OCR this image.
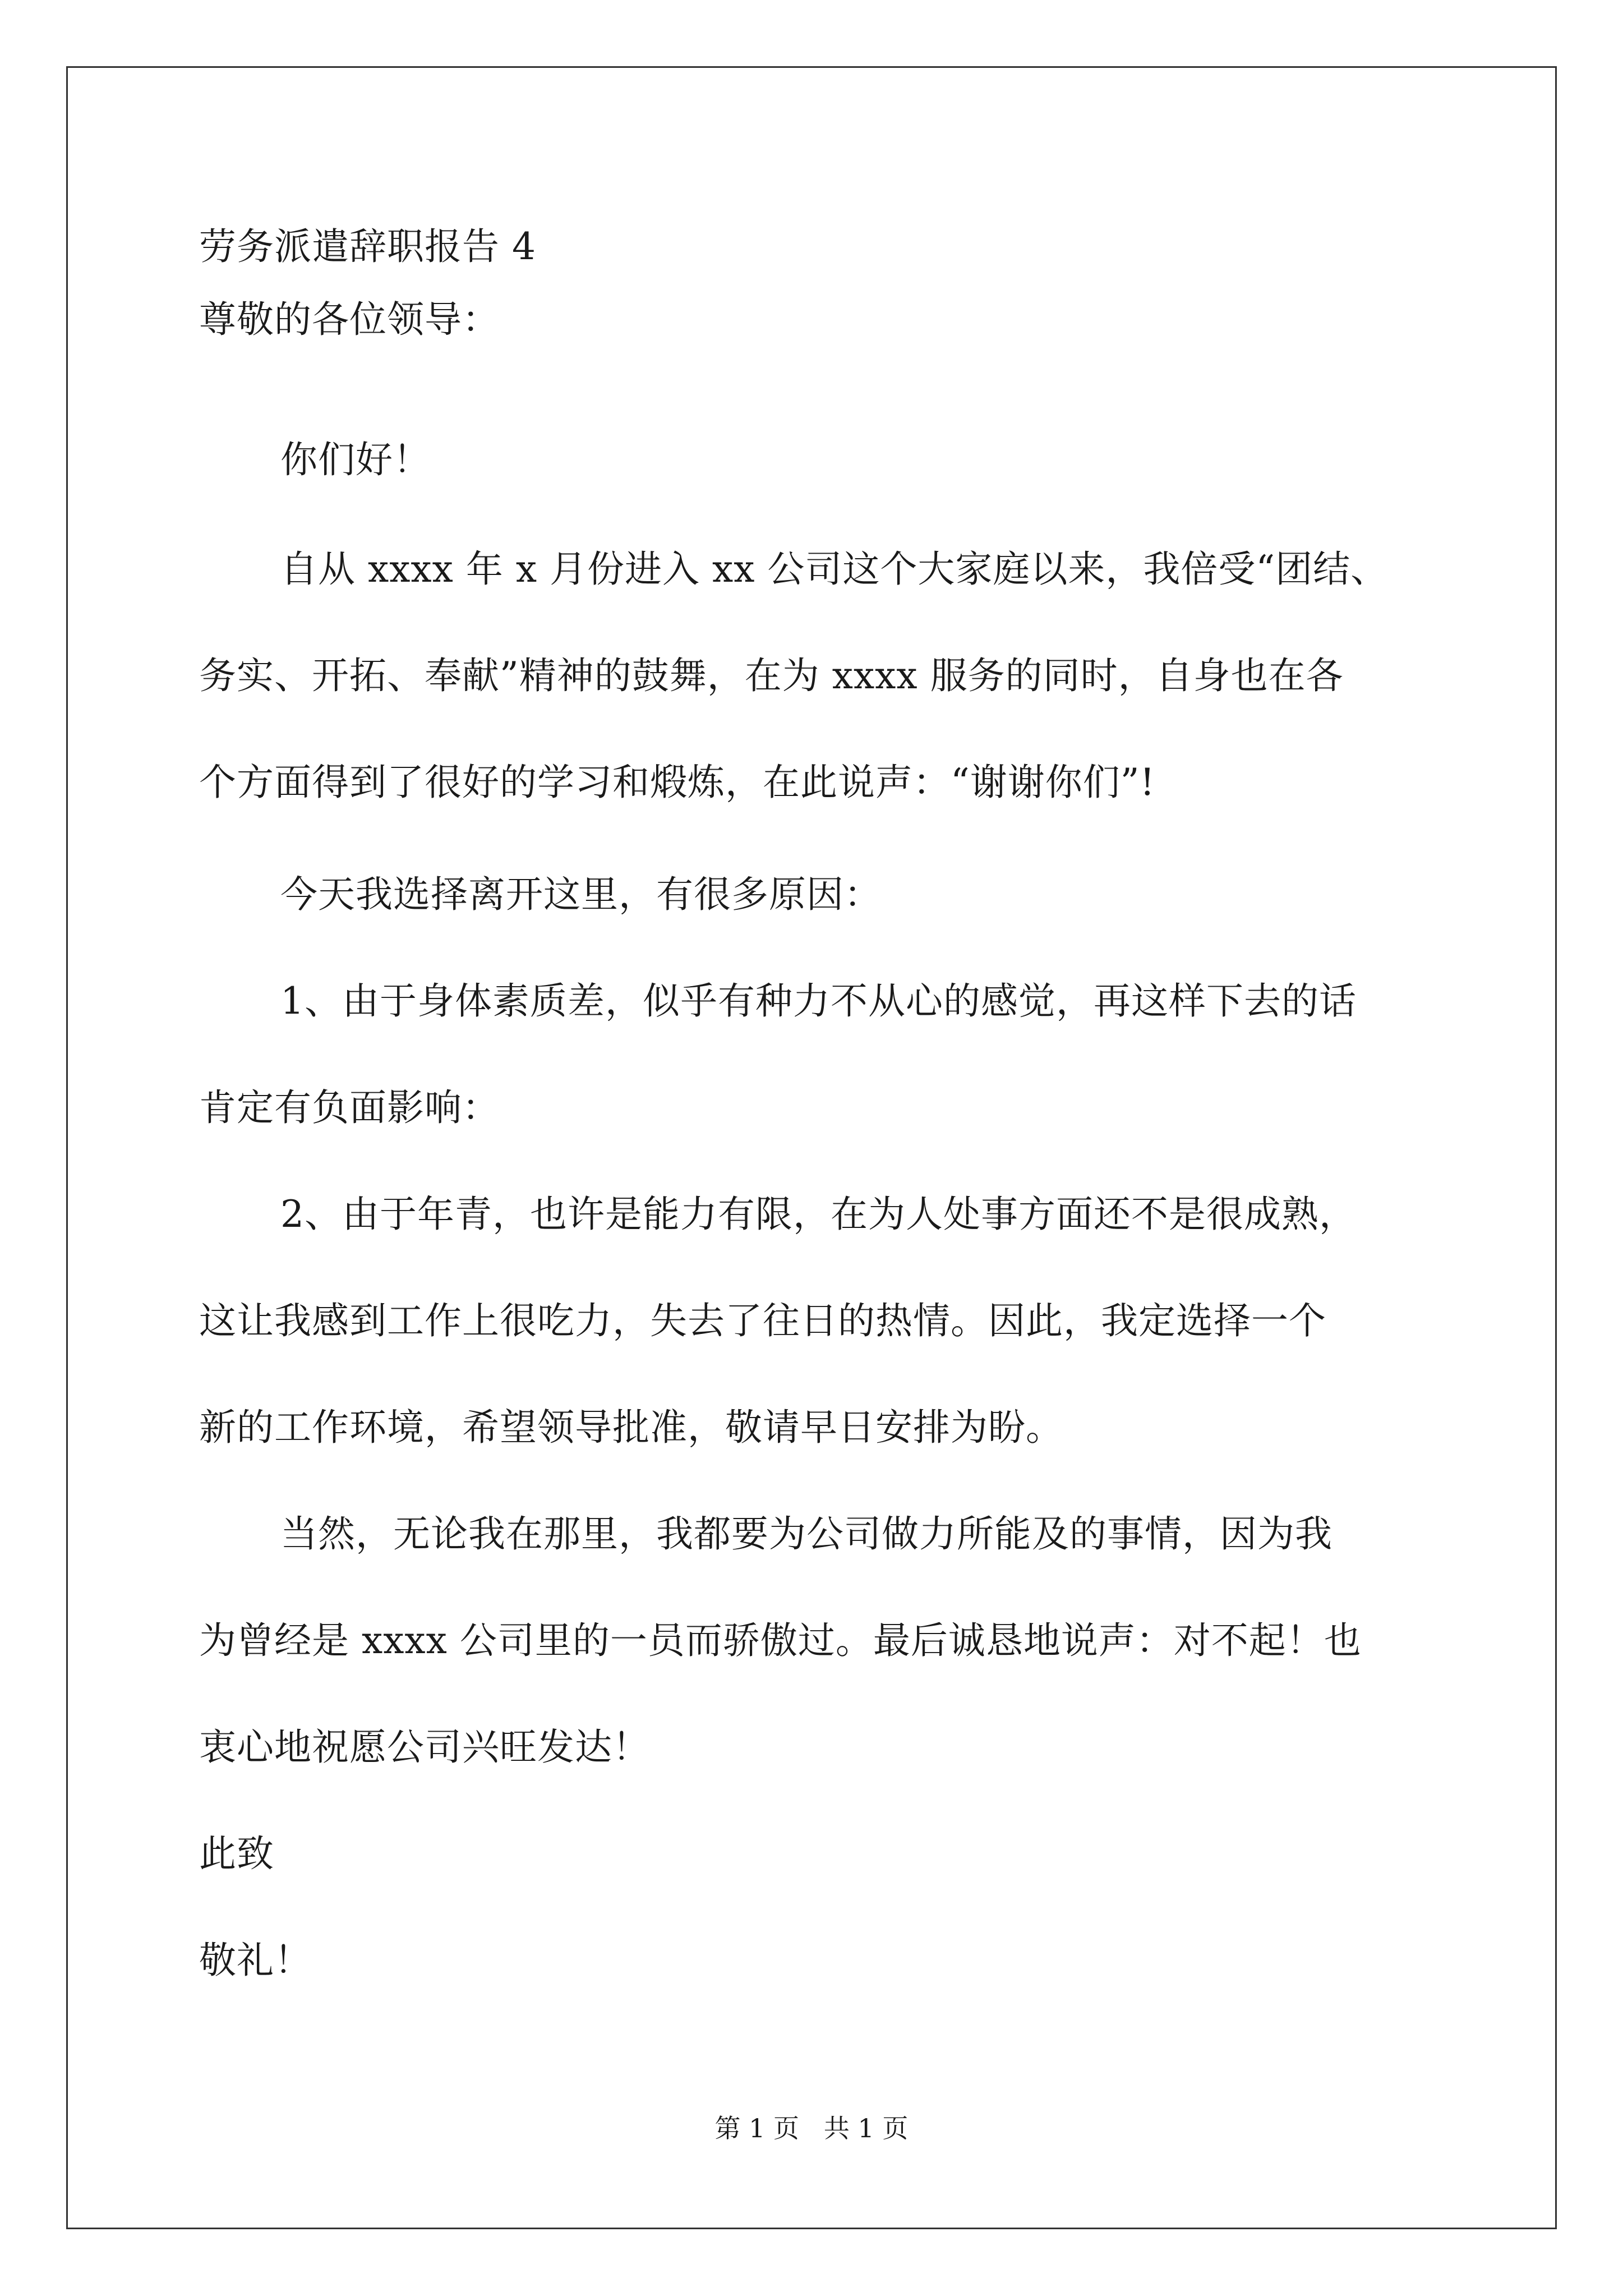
劳务派遣辞职报告 4
尊敬的各位领导：
你们好！
自从 xxxx 年 x 月份进入 xx 公司这个大家庭以来，我倍受“团结、
务实、开拓、奉献”精神的鼓舞，在为 xxxx 服务的同时，自身也在各
个方面得到了很好的学习和煅炼，在此说声：“谢谢你们”!
今天我选择离开这里，有很多原因：
1、由于身体素质差，似乎有种力不从心的感觉，再这样下去的话
肯定有负面影响：
2、由于年青，也许是能力有限，在为人处事方面还不是很成熟，
这让我感到工作上很吃力，失去了往日的热情。因此，我定选择一个
新的工作环境，希望领导批准，敬请早日安排为盼。
当然，无论我在那里，我都要为公司做力所能及的事情，因为我
为曾经是 xxxx 公司里的一员而骄傲过。最后诚恳地说声：对不起！也
衷心地祝愿公司兴旺发达！
此致
敬礼！
第 1 页   共 1 页
